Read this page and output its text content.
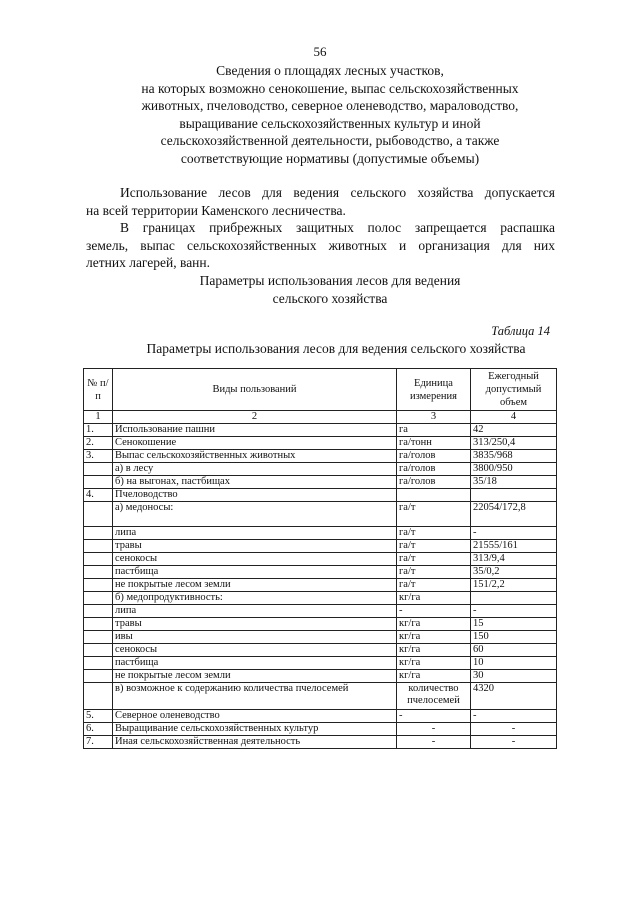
56
Сведения о площадях лесных участков,
на которых возможно сенокошение, выпас сельскохозяйственных
животных, пчеловодство, северное оленеводство, мараловодство,
выращивание сельскохозяйственных культур и иной
сельскохозяйственной деятельности, рыбоводство, а также
соответствующие нормативы (допустимые объемы)
Использование лесов для ведения сельского хозяйства допускается
на всей территории Каменского лесничества.
В границах прибрежных защитных полос запрещается распашка
земель, выпас сельскохозяйственных животных и организация для них
летних лагерей, ванн.
Параметры использования лесов для ведения
сельского хозяйства
Таблица 14
Параметры использования лесов для ведения сельского хозяйства
№ п/п	Виды пользований	Единица измерения	Ежегодный допустимый объем
1	2	3	4
1.	Использование пашни	га	42
2.	Сенокошение	га/тонн	313/250,4
3.	Выпас сельскохозяйственных животных	га/голов	3835/968
	а) в лесу	га/голов	3800/950
	б) на выгонах, пастбищах	га/голов	35/18
4.	Пчеловодство		
	а) медоносы:	га/т	22054/172,8
	липа	га/т	-
	травы	га/т	21555/161
	сенокосы	га/т	313/9,4
	пастбища	га/т	35/0,2
	не покрытые лесом земли	га/т	151/2,2
	б) медопродуктивность:	кг/га	
	липа	-	-
	травы	кг/га	15
	ивы	кг/га	150
	сенокосы	кг/га	60
	пастбища	кг/га	10
	не покрытые лесом земли	кг/га	30
	в) возможное к содержанию количества пчелосемей	количество пчелосемей	4320
5.	Северное оленеводство	-	-
6.	Выращивание сельскохозяйственных культур	-	-
7.	Иная сельскохозяйственная деятельность	-	-
